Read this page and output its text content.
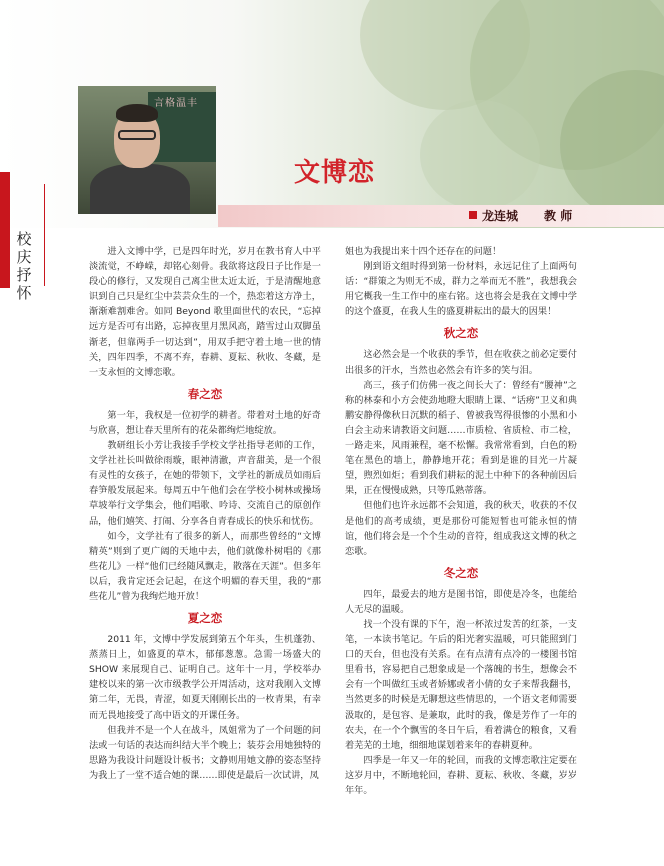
言格温丰
文博恋
龙连城 教 师
校
庆
抒
怀

进入文博中学，已是四年时光，岁月在教书育人中平淡流觉，不峥嵘，却铭心刻骨。我欲将这段日子比作是一段心的修行，又发现自己离尘世太近太近，于是清醒地意识到自己只是红尘中芸芸众生的一个，热恋着这方净土，渐渐难割难舍。如同 Beyond 歌里面世代的农民，“忘掉远方是否可有出路，忘掉夜里月黑风高，踏雪过山双脚虽渐老，但靠两手一切达到”，用双手把守着土地一世的情关，四年四季，不离不弃，春耕、夏耘、秋收、冬藏，是一支永恒的文博恋歌。

春之恋

第一年，我权是一位初学的耕者。带着对土地的好奇与欣喜，想让春天里所有的花朵都绚烂地绽放。

教研组长小芳让我接手学校文学社指导老师的工作，文学社社长叫做徐雨璇，眼神清澈，声音甜美，是一个很有灵性的女孩子，在她的带领下，文学社的新成员如雨后春笋般发展起来。每周五中午他们会在学校小树林或操场草坡举行文学集会，他们唱歌、吟诗、交流自己的原创作品，他们嬉笑、打闹、分享各自青春成长的快乐和忧伤。

如今，文学社有了很多的新人，而那些曾经的“文博精英”则到了更广阔的天地中去，他们就像朴树唱的《那些花儿》一样“他们已经随风飘走，散落在天涯”。但多年以后，我肯定还会记起，在这个明媚的春天里，我的“那些花儿”曾为我绚烂地开放！

夏之恋

2011 年，文博中学发展到第五个年头，生机蓬勃、蒸蒸日上，如盛夏的草木，郁郁葱葱。急需一场盛大的 SHOW 来展现自己、证明自己。这年十一月，学校举办建校以来的第一次市级教学公开周活动，这对我刚入文博第二年，无畏，青涩，如夏天刚刚长出的一枚青果，有幸而无畏地接受了高中语文的开课任务。

但我并不是一个人在战斗，凤姐常为了一个问题的问法或一句话的表达而纠结大半个晚上；装芬会用她独特的思路为我设计问题设计板书；文静则用她文静的姿态坚持为我上了一堂不适合她的课……即使是最后一次试讲，凤

姐也为我提出来十四个还存在的问题！

刚到语文组时得到第一份材料，永远记住了上面两句话：“群策之为则无不成，群力之举而无不胜”，我想我会用它概我一生工作中的座右铭。这也将会是我在文博中学的这个盛夏，在我人生的盛夏耕耘出的最大的因果！

秋之恋

这必然会是一个收获的季节，但在收获之前必定要付出很多的汗水，当然也必然会有许多的笑与泪。

高三，孩子们仿佛一夜之间长大了：曾经有“腰神”之称的林泰和小方会使劲地瞪大眼睛上课、“话痨”卫义和典鹏安静得像秋日沉默的稻子、曾被我骂得很惨的小黑和小白会主动来请教语文问题……市质检、省质检、市二检，一路走来，风雨兼程，毫不松懈。我常常看到，白色的粉笔在黑色的墙上，静静地开花；看到是谁的目光一片凝望，煦烈如炬；看到我们耕耘的泥土中种下的各种前因后果，正在慢慢成熟，只等瓜熟蒂落。

但他们也许永远都不会知道，我的秋天，收获的不仅是他们的高考成绩，更是那份可能短暂也可能永恒的情谊，他们将会是一个个生动的音符，组成我这文博的秋之恋歌。

冬之恋

四年，最爱去的地方是图书馆，即使是冷冬，也能给人无尽的温暖。

找一个没有课的下午，泡一杯浓过发苦的红茶，一支笔，一本读书笔记。午后的阳光奢实温暖，可只能照到门口的天台，但也没有关系。在有点清有点冷的一楼图书馆里看书，容易把自己想象成是一个落魄的书生，想像会不会有一个叫做红玉或者娇娜或者小倩的女子来帮我翻书，当然更多的时候是无聊想这些情思的，一个语文老师需要汲取的，是包容、是兼取，此时的我，像是芳作了一年的农夫，在一个个飘雪的冬日午后，看着满仓的粮食，又看着芜芜的土地，细细地谋划着来年的春耕夏种。

四季是一年又一年的轮回，而我的文博恋歌注定要在这岁月中，不断地轮回，春耕、夏耘、秋收、冬藏，岁岁年年。
